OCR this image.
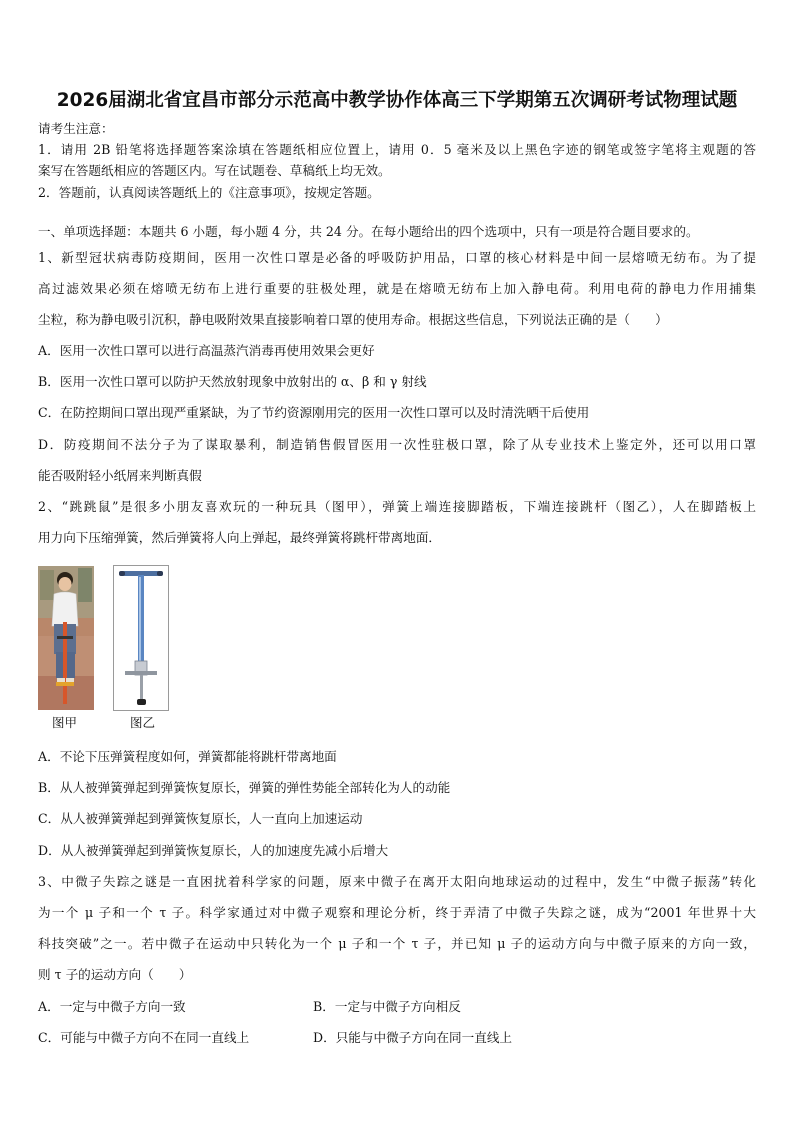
2026届湖北省宜昌市部分示范高中教学协作体高三下学期第五次调研考试物理试题
请考生注意：
1．请用 2B 铅笔将选择题答案涂填在答题纸相应位置上，请用 0．5 毫米及以上黑色字迹的钢笔或签字笔将主观题的答
案写在答题纸相应的答题区内。写在试题卷、草稿纸上均无效。
2．答题前，认真阅读答题纸上的《注意事项》，按规定答题。
一、单项选择题：本题共 6 小题，每小题 4 分，共 24 分。在每小题给出的四个选项中，只有一项是符合题目要求的。
1、新型冠状病毒防疫期间，医用一次性口罩是必备的呼吸防护用品，口罩的核心材料是中间一层熔喷无纺布。为了提
高过滤效果必须在熔喷无纺布上进行重要的驻极处理，就是在熔喷无纺布上加入静电荷。利用电荷的静电力作用捕集
尘粒，称为静电吸引沉积，静电吸附效果直接影响着口罩的使用寿命。根据这些信息，下列说法正确的是（　　）
A．医用一次性口罩可以进行高温蒸汽消毒再使用效果会更好
B．医用一次性口罩可以防护天然放射现象中放射出的 α、β 和 γ 射线
C．在防控期间口罩出现严重紧缺，为了节约资源刚用完的医用一次性口罩可以及时清洗晒干后使用
D．防疫期间不法分子为了谋取暴利，制造销售假冒医用一次性驻极口罩，除了从专业技术上鉴定外，还可以用口罩
能否吸附轻小纸屑来判断真假
2、“跳跳鼠”是很多小朋友喜欢玩的一种玩具（图甲），弹簧上端连接脚踏板，下端连接跳杆（图乙），人在脚踏板上
用力向下压缩弹簧，然后弹簧将人向上弹起，最终弹簧将跳杆带离地面．
图甲	图乙
A．不论下压弹簧程度如何，弹簧都能将跳杆带离地面
B．从人被弹簧弹起到弹簧恢复原长，弹簧的弹性势能全部转化为人的动能
C．从人被弹簧弹起到弹簧恢复原长，人一直向上加速运动
D．从人被弹簧弹起到弹簧恢复原长，人的加速度先减小后增大
3、中微子失踪之谜是一直困扰着科学家的问题，原来中微子在离开太阳向地球运动的过程中，发生“中微子振荡”转化
为一个 μ 子和一个 τ 子。科学家通过对中微子观察和理论分析，终于弄清了中微子失踪之谜，成为“2001 年世界十大
科技突破”之一。若中微子在运动中只转化为一个 μ 子和一个 τ 子，并已知 μ 子的运动方向与中微子原来的方向一致，
则 τ 子的运动方向（　　）
A．一定与中微子方向一致	B．一定与中微子方向相反
C．可能与中微子方向不在同一直线上	D．只能与中微子方向在同一直线上
